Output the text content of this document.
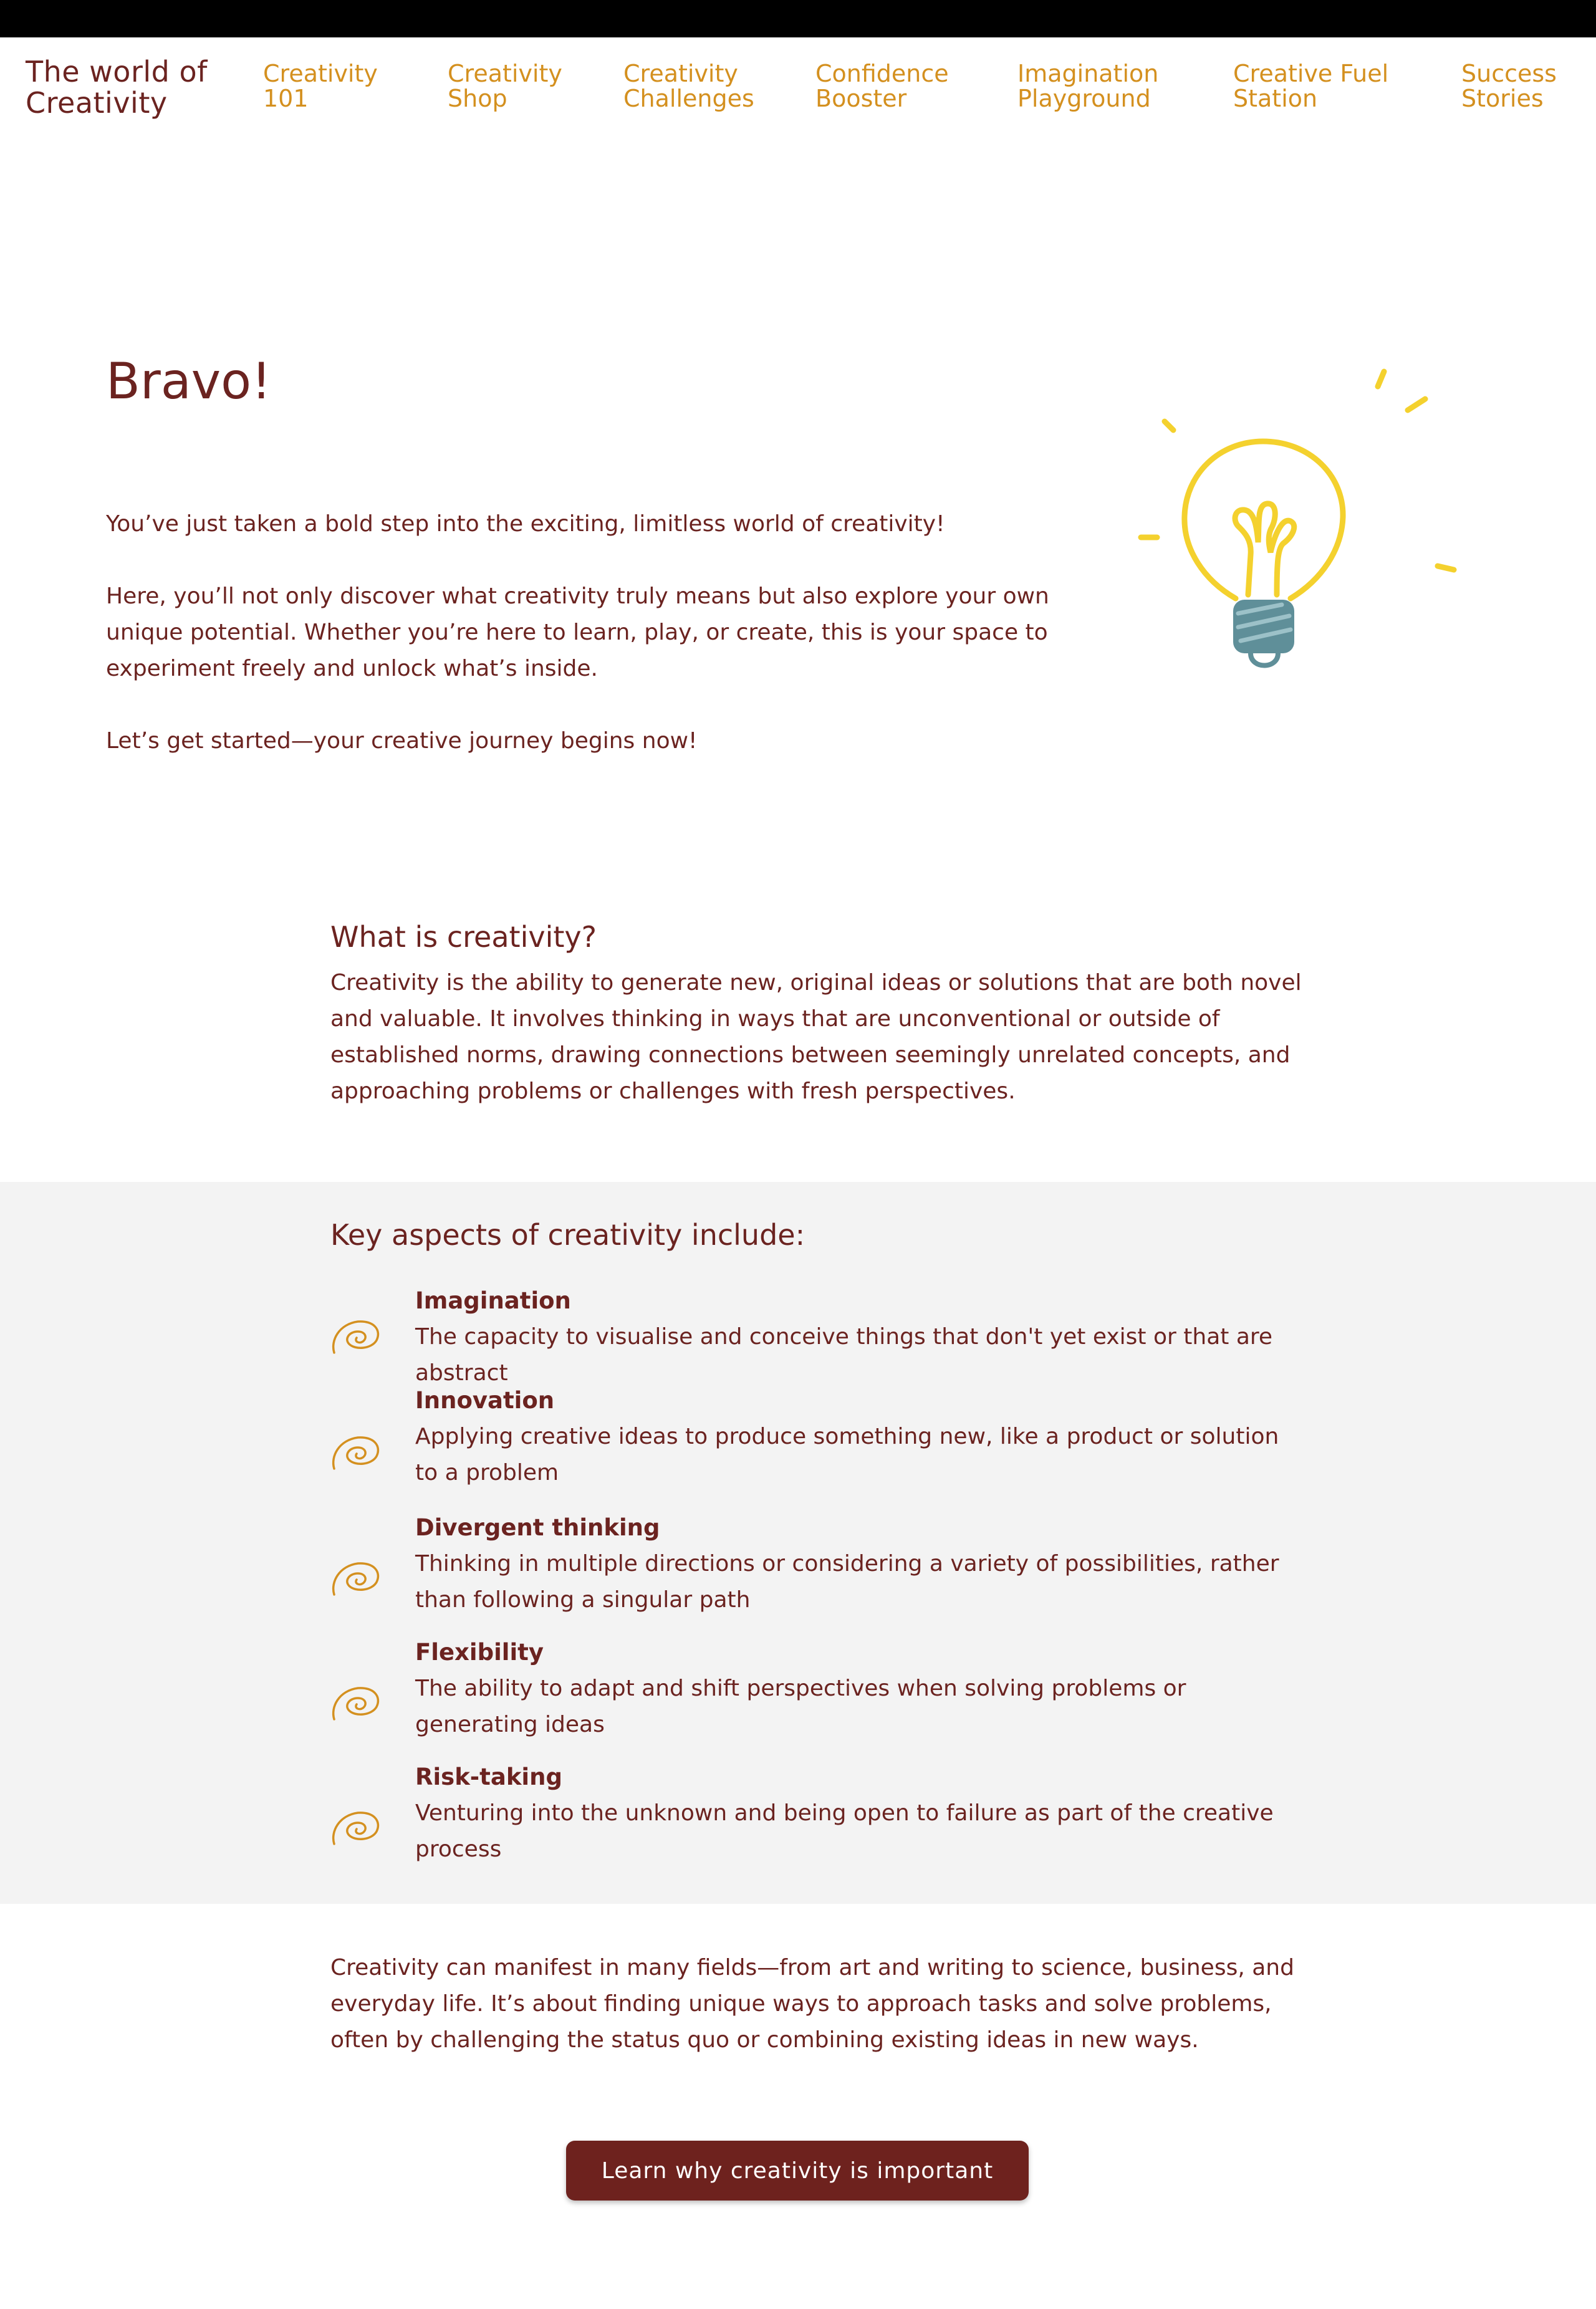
The world of Creativity
Creativity
101
Creativity
Shop
Creativity
Challenges
Confidence
Booster
Imagination
Playground
Creative Fuel
Station
Success
Stories
Bravo!

You’ve just taken a bold step into the exciting, limitless world of creativity!

Here, you’ll not only discover what creativity truly means but also explore your own unique potential. Whether you’re here to learn, play, or create, this is your space to experiment freely and unlock what’s inside.

Let’s get started—your creative journey begins now!

What is creativity?

Creativity is the ability to generate new, original ideas or solutions that are both novel and valuable. It involves thinking in ways that are unconventional or outside of established norms, drawing connections between seemingly unrelated concepts, and approaching problems or challenges with fresh perspectives.

Key aspects of creativity include:
Imagination
The capacity to visualise and conceive things that don't yet exist or that are abstract
Innovation
Applying creative ideas to produce something new, like a product or solution to a problem
Divergent thinking
Thinking in multiple directions or considering a variety of possibilities, rather than following a singular path
Flexibility
The ability to adapt and shift perspectives when solving problems or generating ideas
Risk-taking
Venturing into the unknown and being open to failure as part of the creative process

Creativity can manifest in many fields—from art and writing to science, business, and everyday life. It’s about finding unique ways to approach tasks and solve problems, often by challenging the status quo or combining existing ideas in new ways.

Learn why creativity is important
